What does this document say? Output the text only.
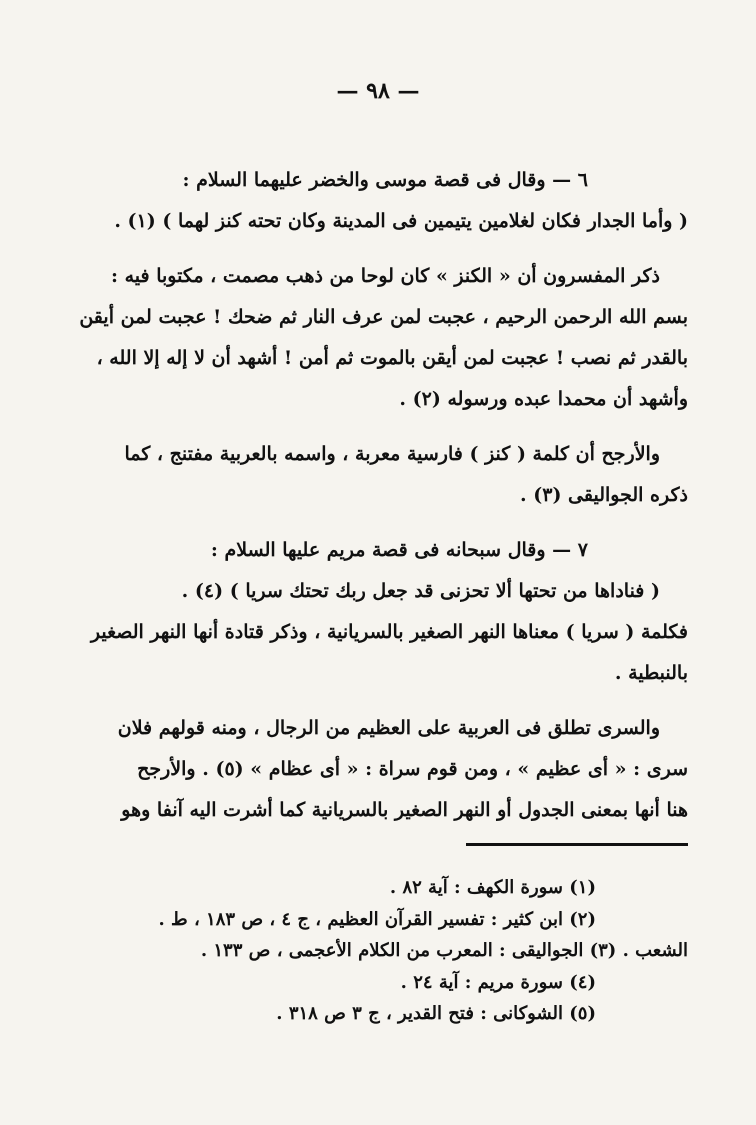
— ٩٨ —
٦ — وقال فى قصة موسى والخضر عليهما السلام :
( وأما الجدار فكان لغلامين يتيمين فى المدينة وكان تحته كنز لهما ) (١) .
ذكر المفسرون أن « الكنز » كان لوحا من ذهب مصمت ، مكتوبا فيه :
بسم الله الرحمن الرحيم ، عجبت لمن عرف النار ثم ضحك ! عجبت لمن أيقن
بالقدر ثم نصب ! عجبت لمن أيقن بالموت ثم أمن ! أشهد أن لا إله إلا الله ،
وأشهد أن محمدا عبده ورسوله (٢) .
والأرجح أن كلمة ( كنز ) فارسية معربة ، واسمه بالعربية مفتنج ، كما
ذكره الجواليقى (٣) .
٧ — وقال سبحانه فى قصة مريم عليها السلام :
( فناداها من تحتها ألا تحزنى قد جعل ربك تحتك سريا ) (٤) .
فكلمة ( سريا ) معناها النهر الصغير بالسريانية ، وذكر قتادة أنها النهر الصغير
بالنبطية .
والسرى تطلق فى العربية على العظيم من الرجال ، ومنه قولهم فلان
سرى : « أى عظيم » ، ومن قوم سراة : « أى عظام » (٥) . والأرجح
هنا أنها بمعنى الجدول أو النهر الصغير بالسريانية كما أشرت اليه آنفا وهو
(١) سورة الكهف : آية ٨٢ .
(٢) ابن كثير : تفسير القرآن العظيم ، ج ٤ ، ص ١٨٣ ، ط .
الشعب . (٣) الجواليقى : المعرب من الكلام الأعجمى ، ص ١٣٣ .
(٤) سورة مريم : آية ٢٤ .
(٥) الشوكانى : فتح القدير ، ج ٣ ص ٣١٨ .
